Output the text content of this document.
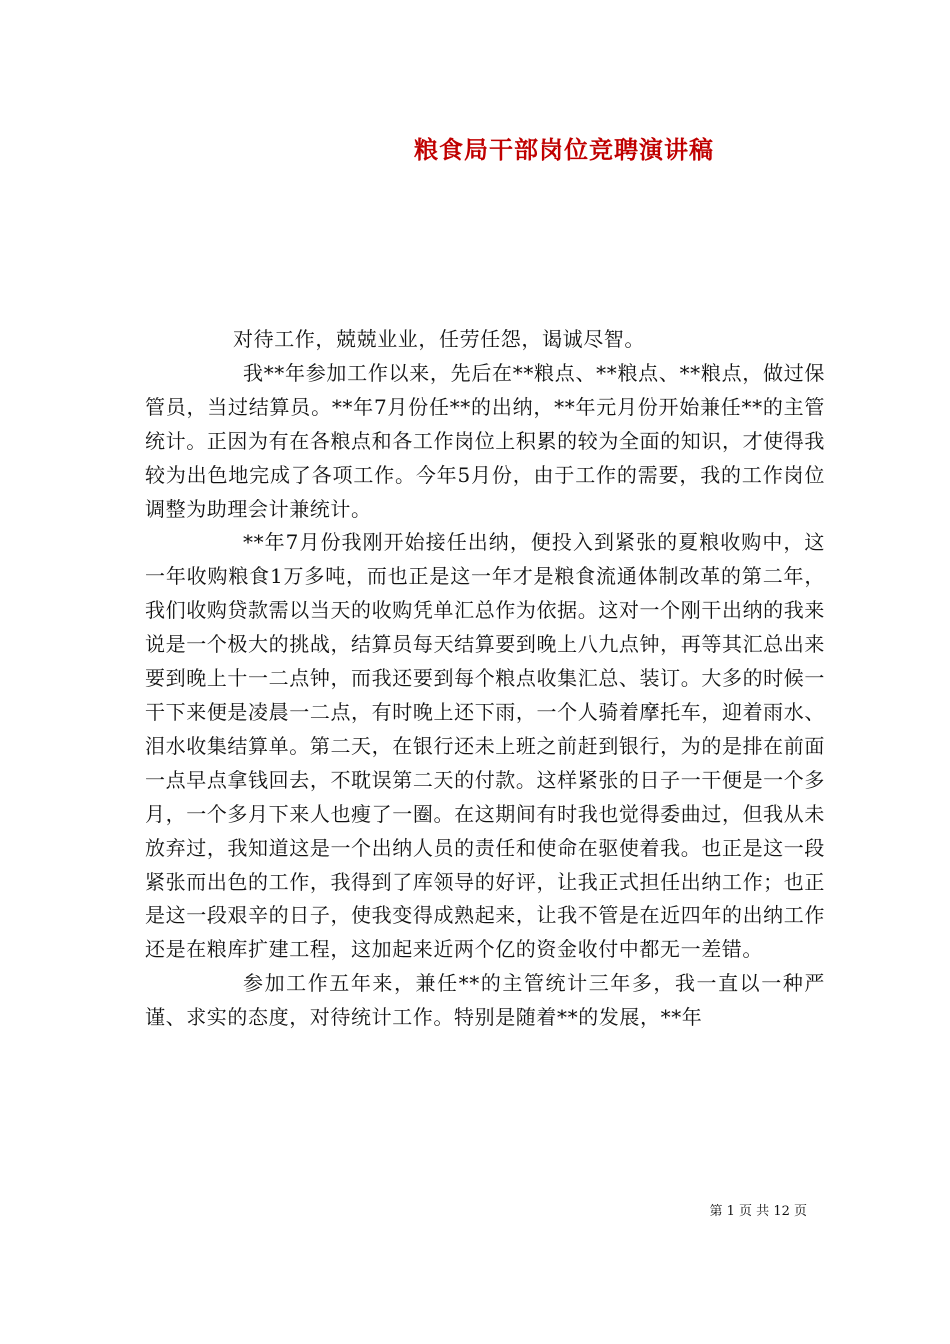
粮食局干部岗位竞聘演讲稿

对待工作，兢兢业业，任劳任怨，谒诚尽智。

我**年参加工作以来，先后在**粮点、**粮点、**粮点，做过保管员，当过结算员。**年7月份任**的出纳，**年元月份开始兼任**的主管统计。正因为有在各粮点和各工作岗位上积累的较为全面的知识，才使得我较为出色地完成了各项工作。今年5月份，由于工作的需要，我的工作岗位调整为助理会计兼统计。

**年7月份我刚开始接任出纳，便投入到紧张的夏粮收购中，这一年收购粮食1万多吨，而也正是这一年才是粮食流通体制改革的第二年，我们收购贷款需以当天的收购凭单汇总作为依据。这对一个刚干出纳的我来说是一个极大的挑战，结算员每天结算要到晚上八九点钟，再等其汇总出来要到晚上十一二点钟，而我还要到每个粮点收集汇总、装订。大多的时候一干下来便是凌晨一二点，有时晚上还下雨，一个人骑着摩托车，迎着雨水、泪水收集结算单。第二天，在银行还未上班之前赶到银行，为的是排在前面一点早点拿钱回去，不耽误第二天的付款。这样紧张的日子一干便是一个多月，一个多月下来人也瘦了一圈。在这期间有时我也觉得委曲过，但我从未放弃过，我知道这是一个出纳人员的责任和使命在驱使着我。也正是这一段紧张而出色的工作，我得到了库领导的好评，让我正式担任出纳工作；也正是这一段艰辛的日子，使我变得成熟起来，让我不管是在近四年的出纳工作还是在粮库扩建工程，这加起来近两个亿的资金收付中都无一差错。

参加工作五年来，兼任**的主管统计三年多，我一直以一种严谨、求实的态度，对待统计工作。特别是随着**的发展，**年

第 1 页 共 12 页
